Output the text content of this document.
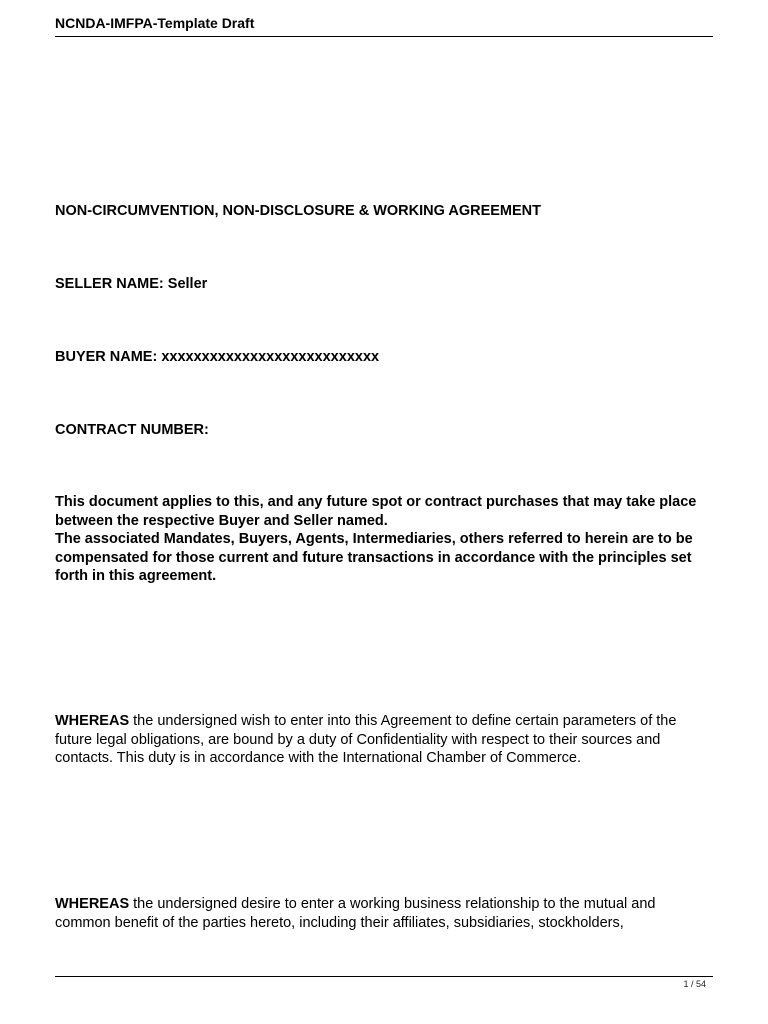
NCNDA-IMFPA-Template Draft
NON-CIRCUMVENTION, NON-DISCLOSURE & WORKING AGREEMENT
SELLER NAME: Seller
BUYER NAME: xxxxxxxxxxxxxxxxxxxxxxxxxxx
CONTRACT NUMBER:

This document applies to this, and any future spot or contract purchases that may take place between the respective Buyer and Seller named.

The associated Mandates, Buyers, Agents, Intermediaries, others referred to herein are to be compensated for those current and future transactions in accordance with the principles set forth in this agreement.

WHEREAS the undersigned wish to enter into this Agreement to define certain parameters of the future legal obligations, are bound by a duty of Confidentiality with respect to their sources and contacts. This duty is in accordance with the International Chamber of Commerce.

WHEREAS the undersigned desire to enter a working business relationship to the mutual and common benefit of the parties hereto, including their affiliates, subsidiaries, stockholders,

1 / 54
